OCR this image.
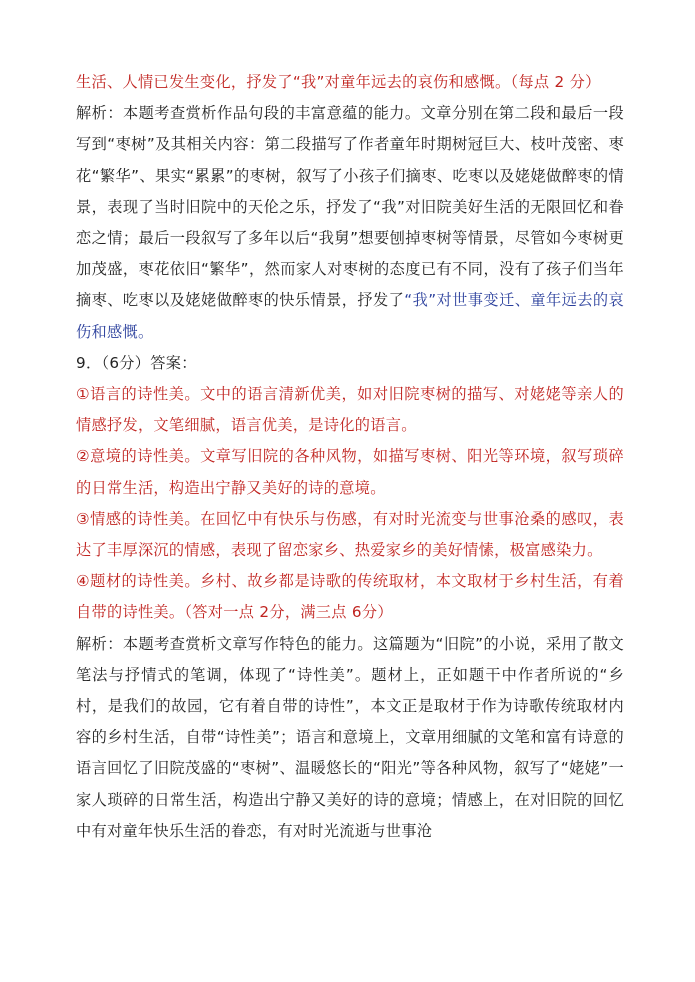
生活、人情已发生变化，抒发了“我”对童年远去的哀伤和感慨。（每点 2 分）

解析：本题考查赏析作品句段的丰富意蕴的能力。文章分别在第二段和最后一段写到“枣树”及其相关内容：第二段描写了作者童年时期树冠巨大、枝叶茂密、枣花“繁华”、果实“累累”的枣树，叙写了小孩子们摘枣、吃枣以及姥姥做醉枣的情景，表现了当时旧院中的天伦之乐，抒发了“我”对旧院美好生活的无限回忆和眷恋之情；最后一段叙写了多年以后“我舅”想要刨掉枣树等情景，尽管如今枣树更加茂盛，枣花依旧“繁华”，然而家人对枣树的态度已有不同，没有了孩子们当年摘枣、吃枣以及姥姥做醉枣的快乐情景，抒发了“我”对世事变迁、童年远去的哀伤和感慨。

9．（6分）答案：

①语言的诗性美。文中的语言清新优美，如对旧院枣树的描写、对姥姥等亲人的情感抒发，文笔细腻，语言优美，是诗化的语言。

②意境的诗性美。文章写旧院的各种风物，如描写枣树、阳光等环境，叙写琐碎的日常生活，构造出宁静又美好的诗的意境。

③情感的诗性美。在回忆中有快乐与伤感，有对时光流变与世事沧桑的感叹，表达了丰厚深沉的情感，表现了留恋家乡、热爱家乡的美好情愫，极富感染力。

④题材的诗性美。乡村、故乡都是诗歌的传统取材，本文取材于乡村生活，有着自带的诗性美。（答对一点 2分，满三点 6分）

解析：本题考查赏析文章写作特色的能力。这篇题为“旧院”的小说，采用了散文笔法与抒情式的笔调，体现了“诗性美”。题材上，正如题干中作者所说的“乡村，是我们的故园，它有着自带的诗性”，本文正是取材于作为诗歌传统取材内容的乡村生活，自带“诗性美”；语言和意境上，文章用细腻的文笔和富有诗意的语言回忆了旧院茂盛的“枣树”、温暖悠长的“阳光”等各种风物，叙写了“姥姥”一家人琐碎的日常生活，构造出宁静又美好的诗的意境；情感上，在对旧院的回忆中有对童年快乐生活的眷恋，有对时光流逝与世事沧
